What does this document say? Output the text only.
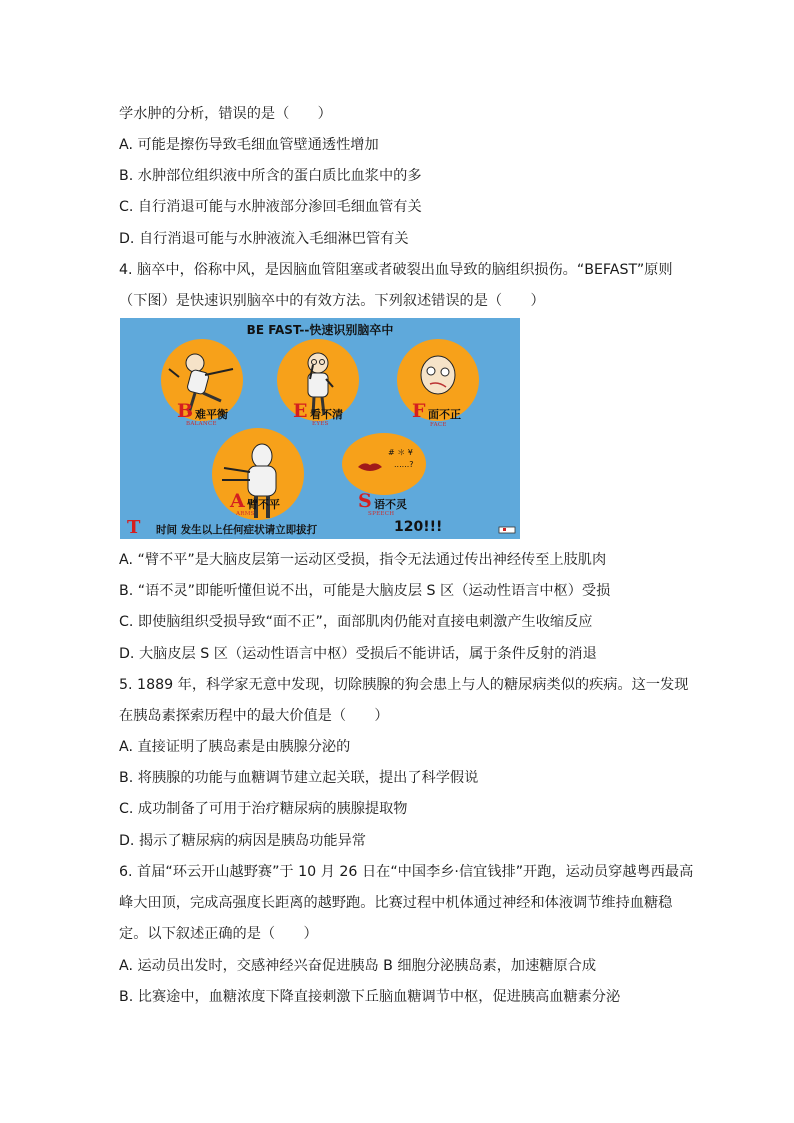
学水肿的分析，错误的是（　　）
A. 可能是擦伤导致毛细血管壁通透性增加
B. 水肿部位组织液中所含的蛋白质比血浆中的多
C. 自行消退可能与水肿液部分渗回毛细血管有关
D. 自行消退可能与水肿液流入毛细淋巴管有关
4. 脑卒中，俗称中风，是因脑血管阻塞或者破裂出血导致的脑组织损伤。“BEFAST”原则
（下图）是快速识别脑卒中的有效方法。下列叙述错误的是（　　）
BE FAST--快速识别脑卒中
B 难平衡
BALANCE
E 看不清
EYES
F 面不正
FACE
A 臂不平
ARMS
# ＊ ¥
......?
S 语不灵
SPEECH
T 时间 发生以上任何症状请立即拔打	120!!!
A. “臂不平”是大脑皮层第一运动区受损，指令无法通过传出神经传至上肢肌肉
B. “语不灵”即能听懂但说不出，可能是大脑皮层 S 区（运动性语言中枢）受损
C. 即使脑组织受损导致“面不正”，面部肌肉仍能对直接电刺激产生收缩反应
D. 大脑皮层 S 区（运动性语言中枢）受损后不能讲话，属于条件反射的消退
5. 1889 年，科学家无意中发现，切除胰腺的狗会患上与人的糖尿病类似的疾病。这一发现
在胰岛素探索历程中的最大价值是（　　）
A. 直接证明了胰岛素是由胰腺分泌的
B. 将胰腺的功能与血糖调节建立起关联，提出了科学假说
C. 成功制备了可用于治疗糖尿病的胰腺提取物
D. 揭示了糖尿病的病因是胰岛功能异常
6. 首届“环云开山越野赛”于 10 月 26 日在“中国李乡·信宜钱排”开跑，运动员穿越粤西最高
峰大田顶，完成高强度长距离的越野跑。比赛过程中机体通过神经和体液调节维持血糖稳
定。以下叙述正确的是（　　）
A. 运动员出发时，交感神经兴奋促进胰岛 B 细胞分泌胰岛素，加速糖原合成
B. 比赛途中，血糖浓度下降直接刺激下丘脑血糖调节中枢，促进胰高血糖素分泌
